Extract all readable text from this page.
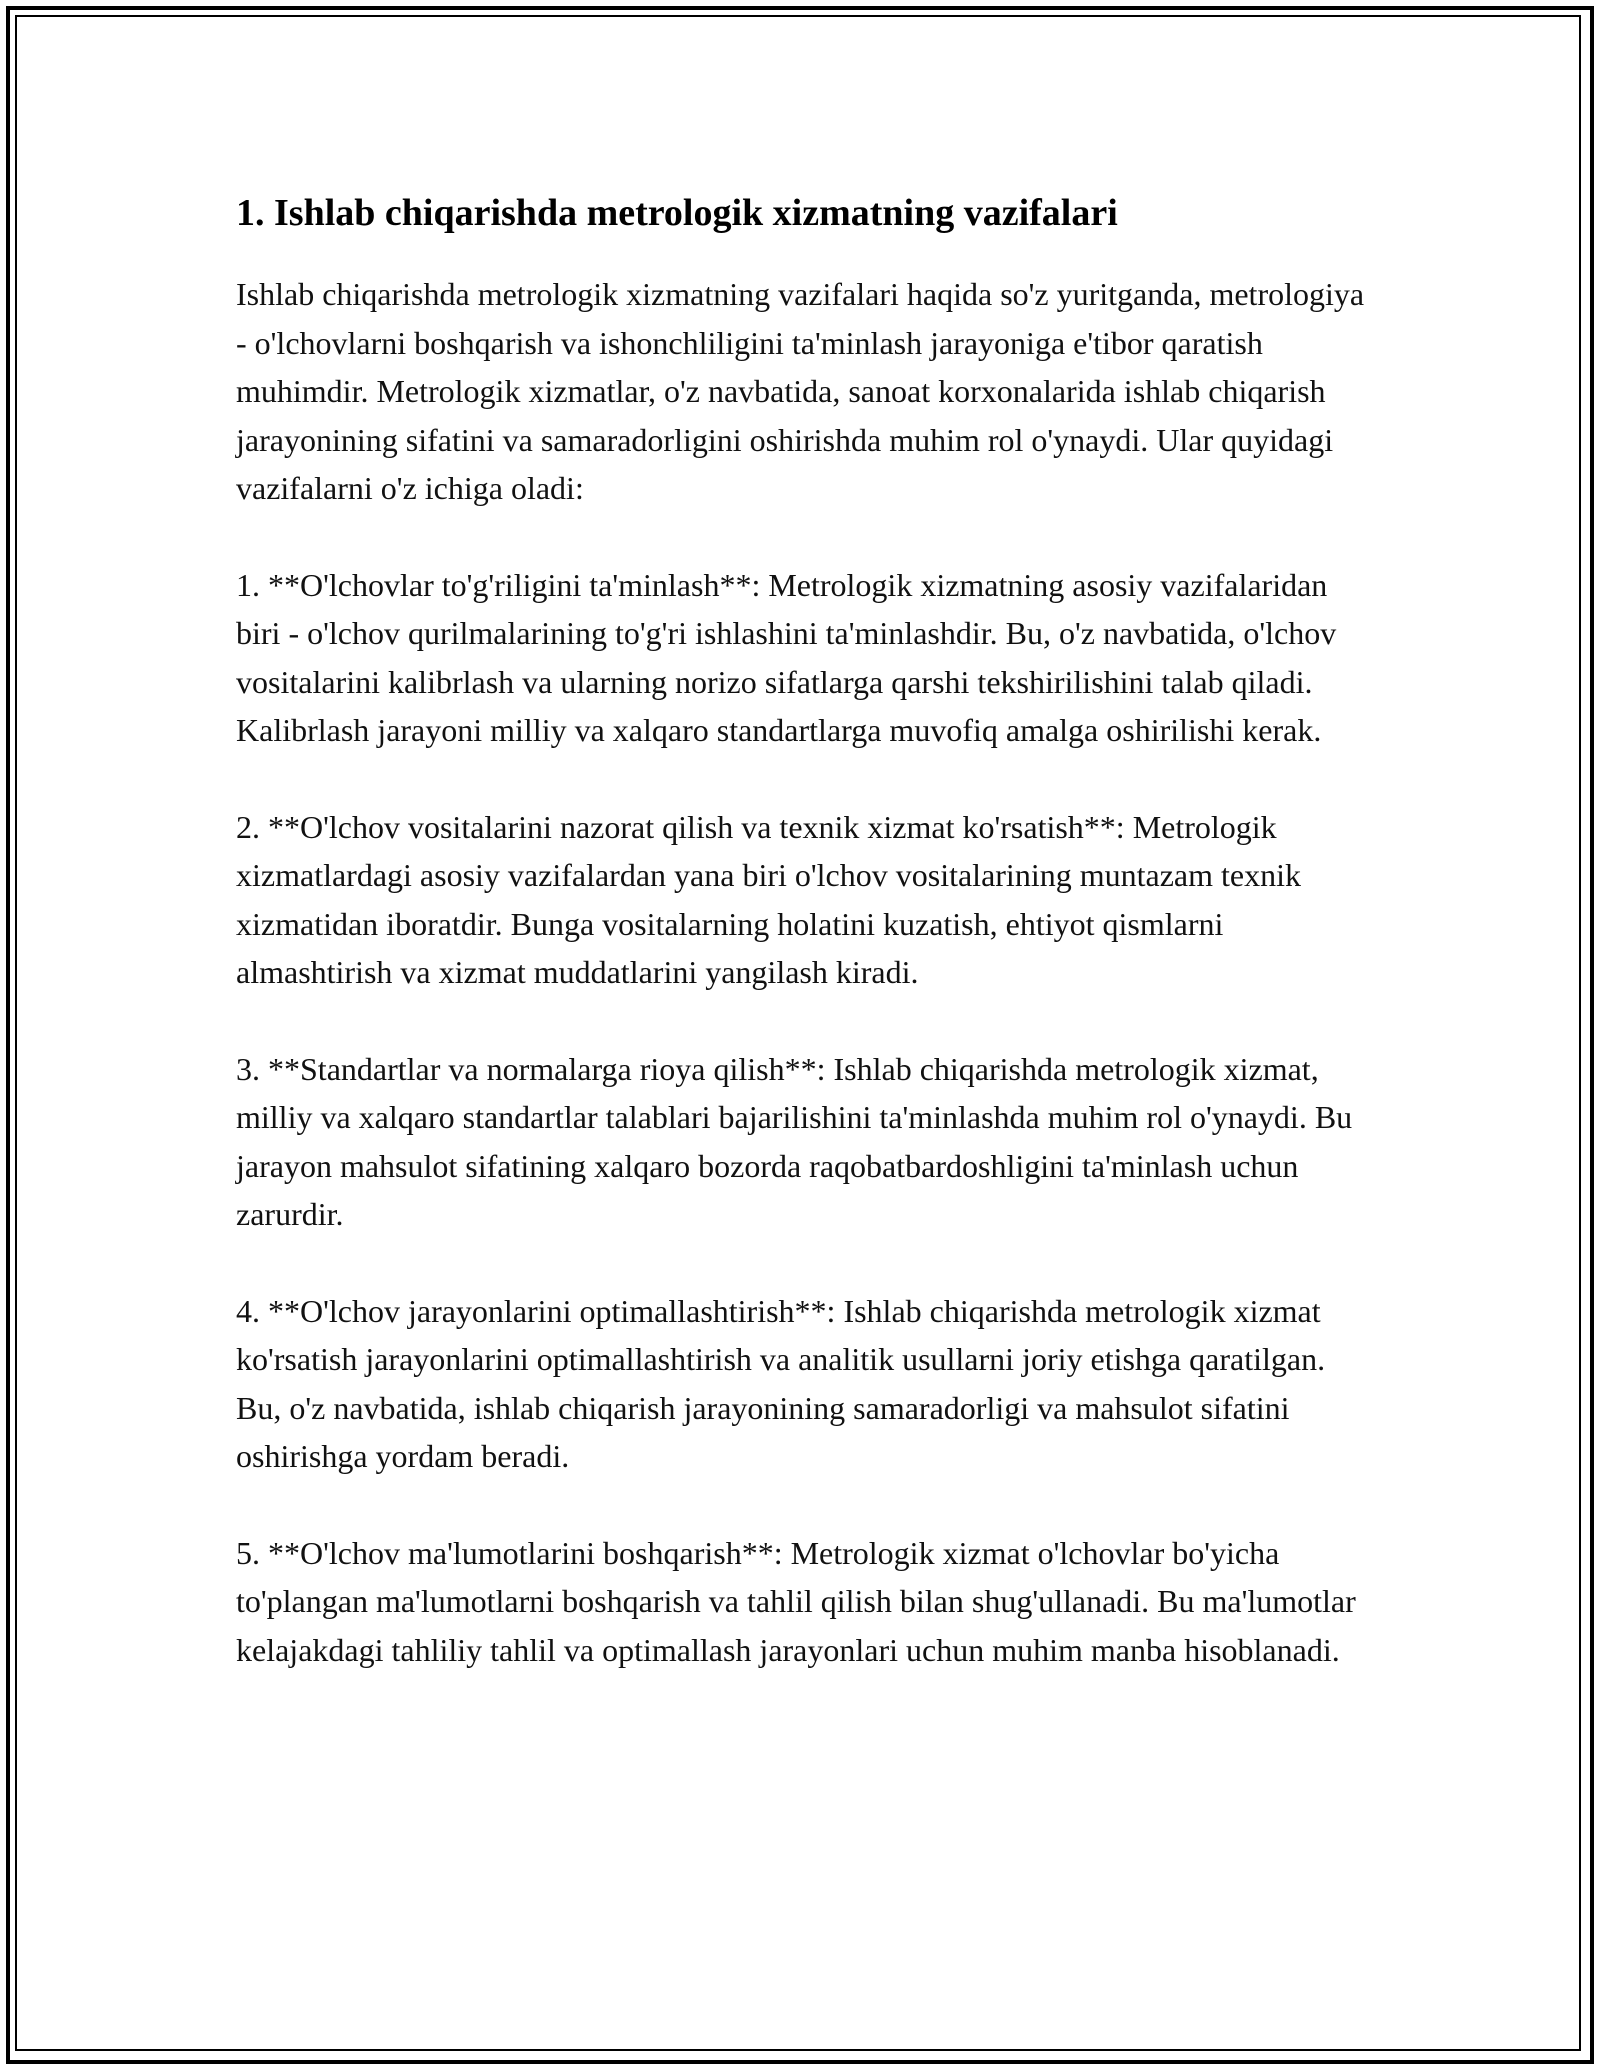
1. Ishlab chiqarishda metrologik xizmatning vazifalari

Ishlab chiqarishda metrologik xizmatning vazifalari haqida so'z yuritganda, metrologiya - o'lchovlarni boshqarish va ishonchliligini ta'minlash jarayoniga e'tibor qaratish muhimdir. Metrologik xizmatlar, o'z navbatida, sanoat korxonalarida ishlab chiqarish jarayonining sifatini va samaradorligini oshirishda muhim rol o'ynaydi. Ular quyidagi vazifalarni o'z ichiga oladi:

1. **O'lchovlar to'g'riligini ta'minlash**: Metrologik xizmatning asosiy vazifalaridan biri - o'lchov qurilmalarining to'g'ri ishlashini ta'minlashdir. Bu, o'z navbatida, o'lchov vositalarini kalibrlash va ularning norizo sifatlarga qarshi tekshirilishini talab qiladi. Kalibrlash jarayoni milliy va xalqaro standartlarga muvofiq amalga oshirilishi kerak.

2. **O'lchov vositalarini nazorat qilish va texnik xizmat ko'rsatish**: Metrologik xizmatlardagi asosiy vazifalardan yana biri o'lchov vositalarining muntazam texnik xizmatidan iboratdir. Bunga vositalarning holatini kuzatish, ehtiyot qismlarni almashtirish va xizmat muddatlarini yangilash kiradi.

3. **Standartlar va normalarga rioya qilish**: Ishlab chiqarishda metrologik xizmat, milliy va xalqaro standartlar talablari bajarilishini ta'minlashda muhim rol o'ynaydi. Bu jarayon mahsulot sifatining xalqaro bozorda raqobatbardoshligini ta'minlash uchun zarurdir.

4. **O'lchov jarayonlarini optimallashtirish**: Ishlab chiqarishda metrologik xizmat ko'rsatish jarayonlarini optimallashtirish va analitik usullarni joriy etishga qaratilgan. Bu, o'z navbatida, ishlab chiqarish jarayonining samaradorligi va mahsulot sifatini oshirishga yordam beradi.

5. **O'lchov ma'lumotlarini boshqarish**: Metrologik xizmat o'lchovlar bo'yicha to'plangan ma'lumotlarni boshqarish va tahlil qilish bilan shug'ullanadi. Bu ma'lumotlar kelajakdagi tahliliy tahlil va optimallash jarayonlari uchun muhim manba hisoblanadi.
